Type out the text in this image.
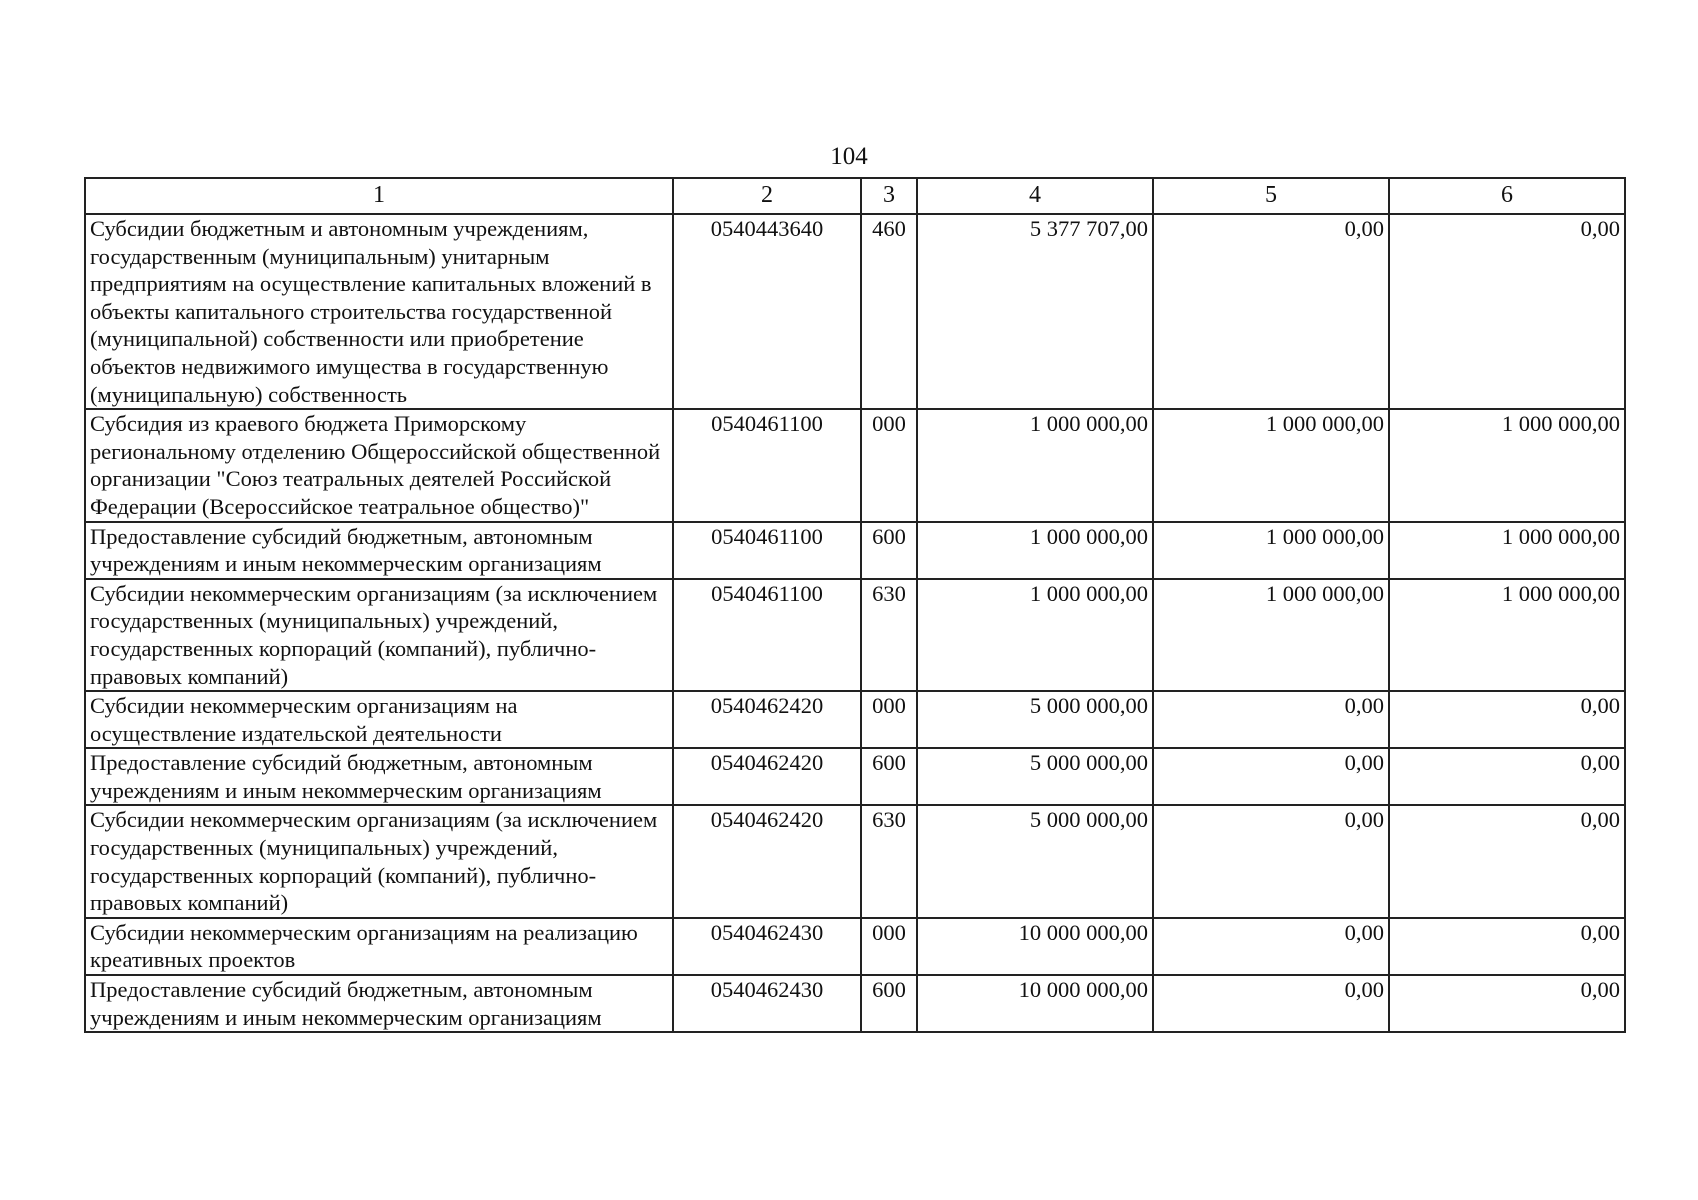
104
1	2	3	4	5	6
Субсидии бюджетным и автономным учреждениям, государственным (муниципальным) унитарным предприятиям на осуществление капитальных вложений в объекты капитального строительства государственной (муниципальной) собственности или приобретение объектов недвижимого имущества в государственную (муниципальную) собственность	0540443640	460	5 377 707,00	0,00	0,00
Субсидия из краевого бюджета Приморскому региональному отделению Общероссийской общественной организации "Союз театральных деятелей Российской Федерации (Всероссийское театральное общество)"	0540461100	000	1 000 000,00	1 000 000,00	1 000 000,00
Предоставление субсидий бюджетным, автономным учреждениям и иным некоммерческим организациям	0540461100	600	1 000 000,00	1 000 000,00	1 000 000,00
Субсидии некоммерческим организациям (за исключением государственных (муниципальных) учреждений, государственных корпораций (компаний), публично-правовых компаний)	0540461100	630	1 000 000,00	1 000 000,00	1 000 000,00
Субсидии некоммерческим организациям на осуществление издательской деятельности	0540462420	000	5 000 000,00	0,00	0,00
Предоставление субсидий бюджетным, автономным учреждениям и иным некоммерческим организациям	0540462420	600	5 000 000,00	0,00	0,00
Субсидии некоммерческим организациям (за исключением государственных (муниципальных) учреждений, государственных корпораций (компаний), публично-правовых компаний)	0540462420	630	5 000 000,00	0,00	0,00
Субсидии некоммерческим организациям на реализацию креативных проектов	0540462430	000	10 000 000,00	0,00	0,00
Предоставление субсидий бюджетным, автономным учреждениям и иным некоммерческим организациям	0540462430	600	10 000 000,00	0,00	0,00
